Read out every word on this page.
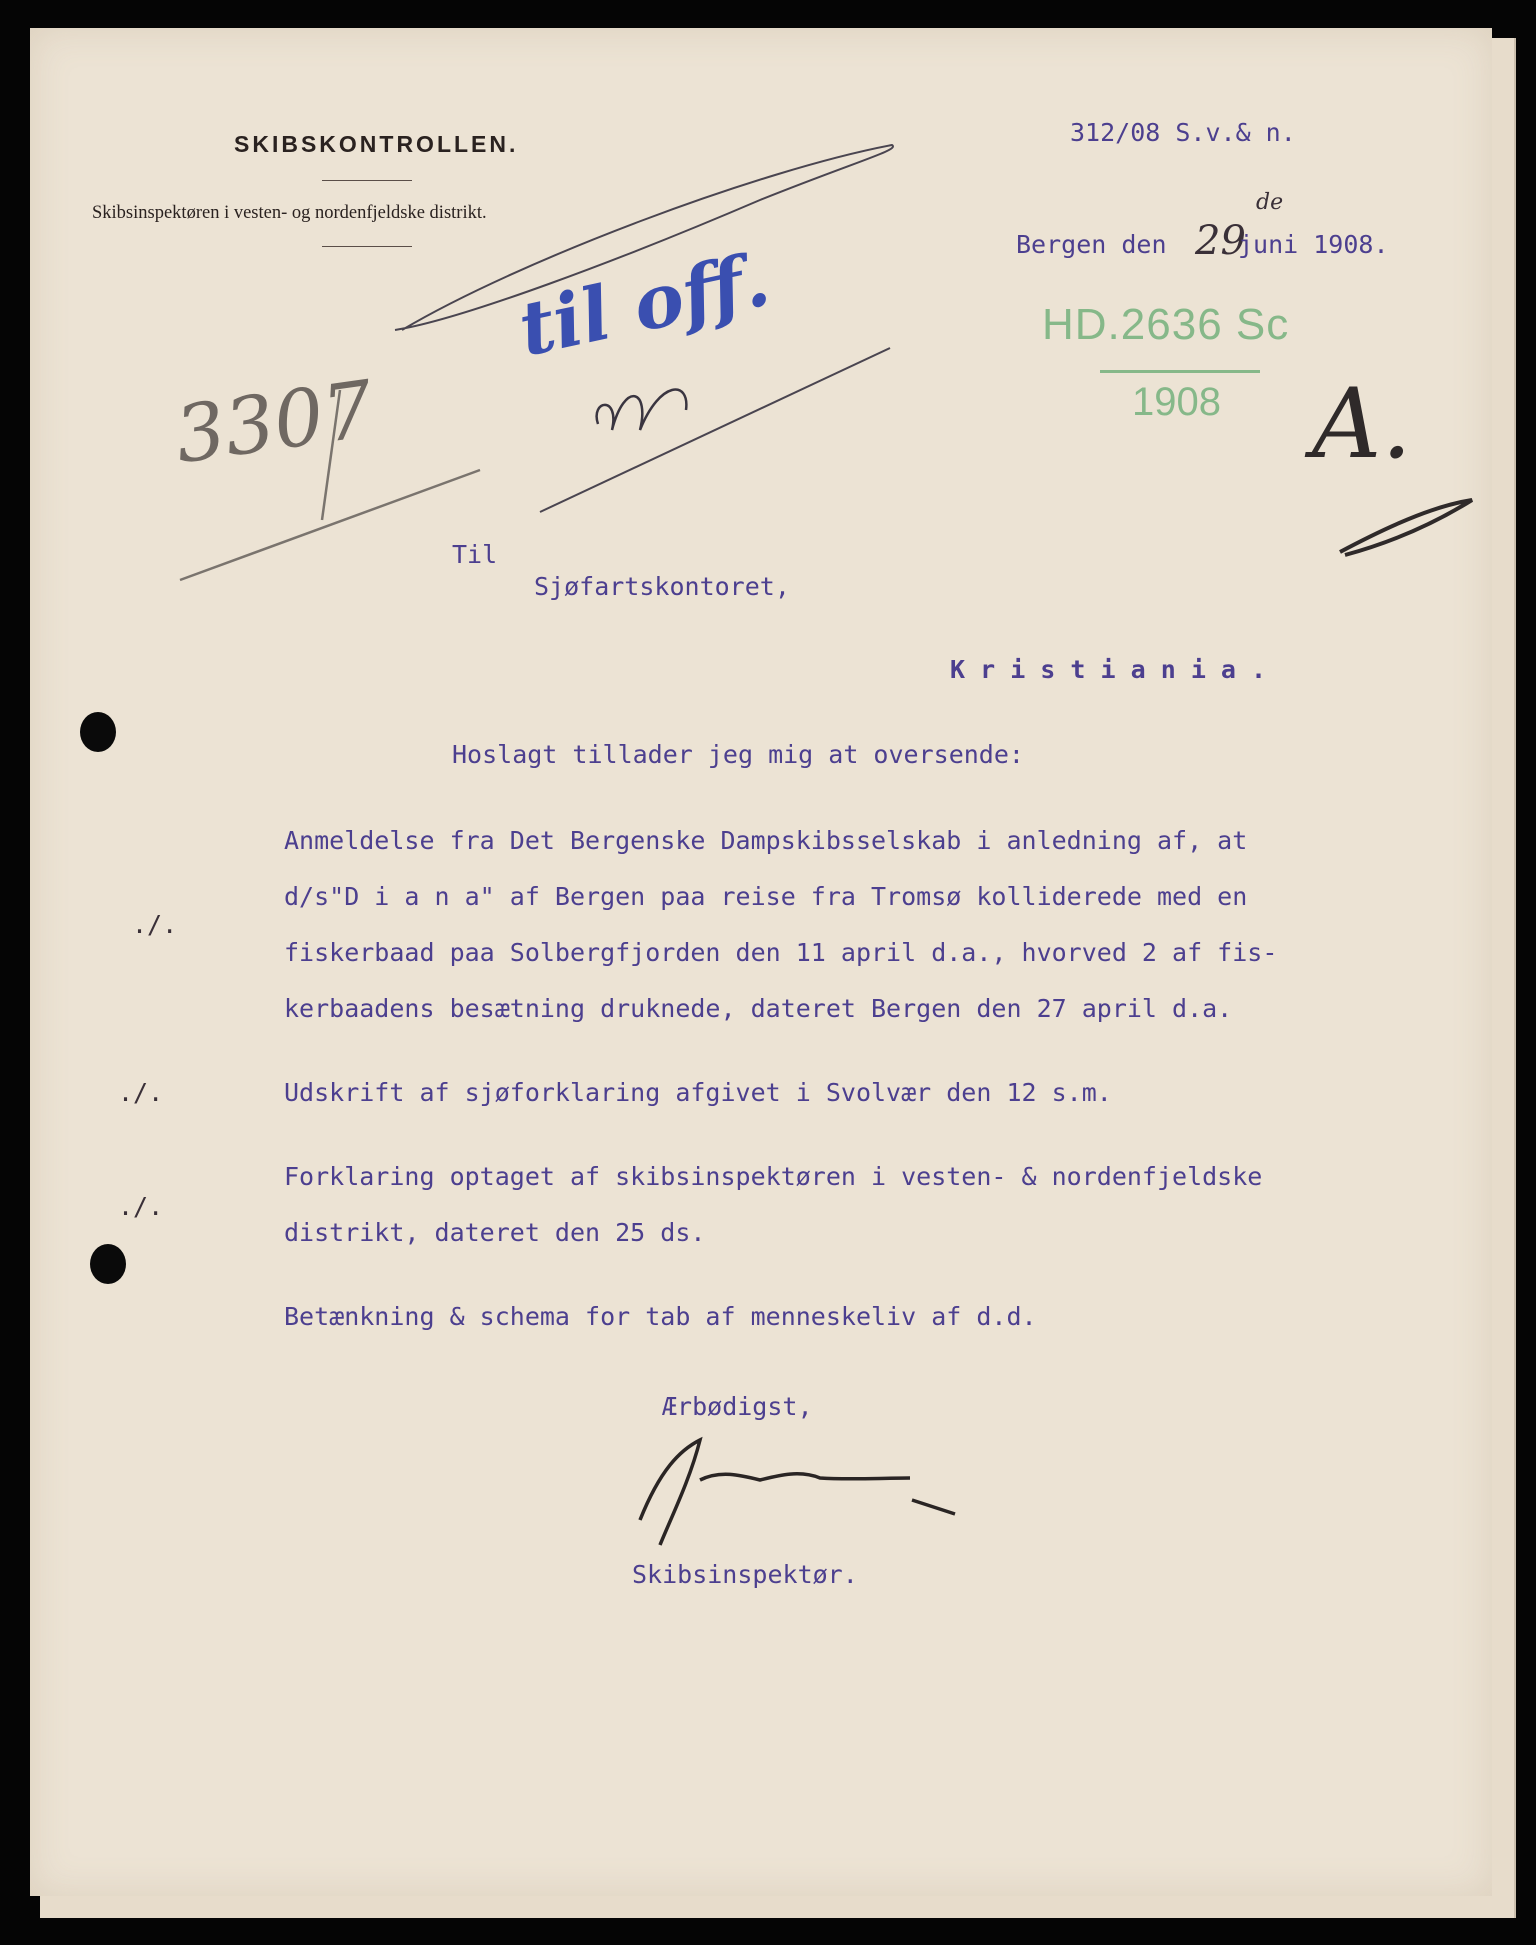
SKIBSKONTROLLEN.
Skibsinspektøren i vesten- og nordenfjeldske distrikt.
312/08 S.v.& n.
Bergen den 29
de
juni 1908.
HD.2636 Sc
1908
3307
til off.
A.
Til
Sjøfartskontoret,
K r i s t i a n i a .
Hoslagt tillader jeg mig at oversende:
Anmeldelse fra Det Bergenske Dampskibsselskab i anledning af, at
d/s"D i a n a" af Bergen paa reise fra Tromsø kolliderede med en
fiskerbaad paa Solbergfjorden den 11 april d.a., hvorved 2 af fis-
kerbaadens besætning druknede, dateret Bergen den 27 april d.a.
./.
Udskrift af sjøforklaring afgivet i Svolvær den 12 s.m.
./.
Forklaring optaget af skibsinspektøren i vesten- & nordenfjeldske
distrikt, dateret den 25 ds.
./.
Betænkning & schema for tab af menneskeliv af d.d.
Ærbødigst,
Skibsinspektør.
